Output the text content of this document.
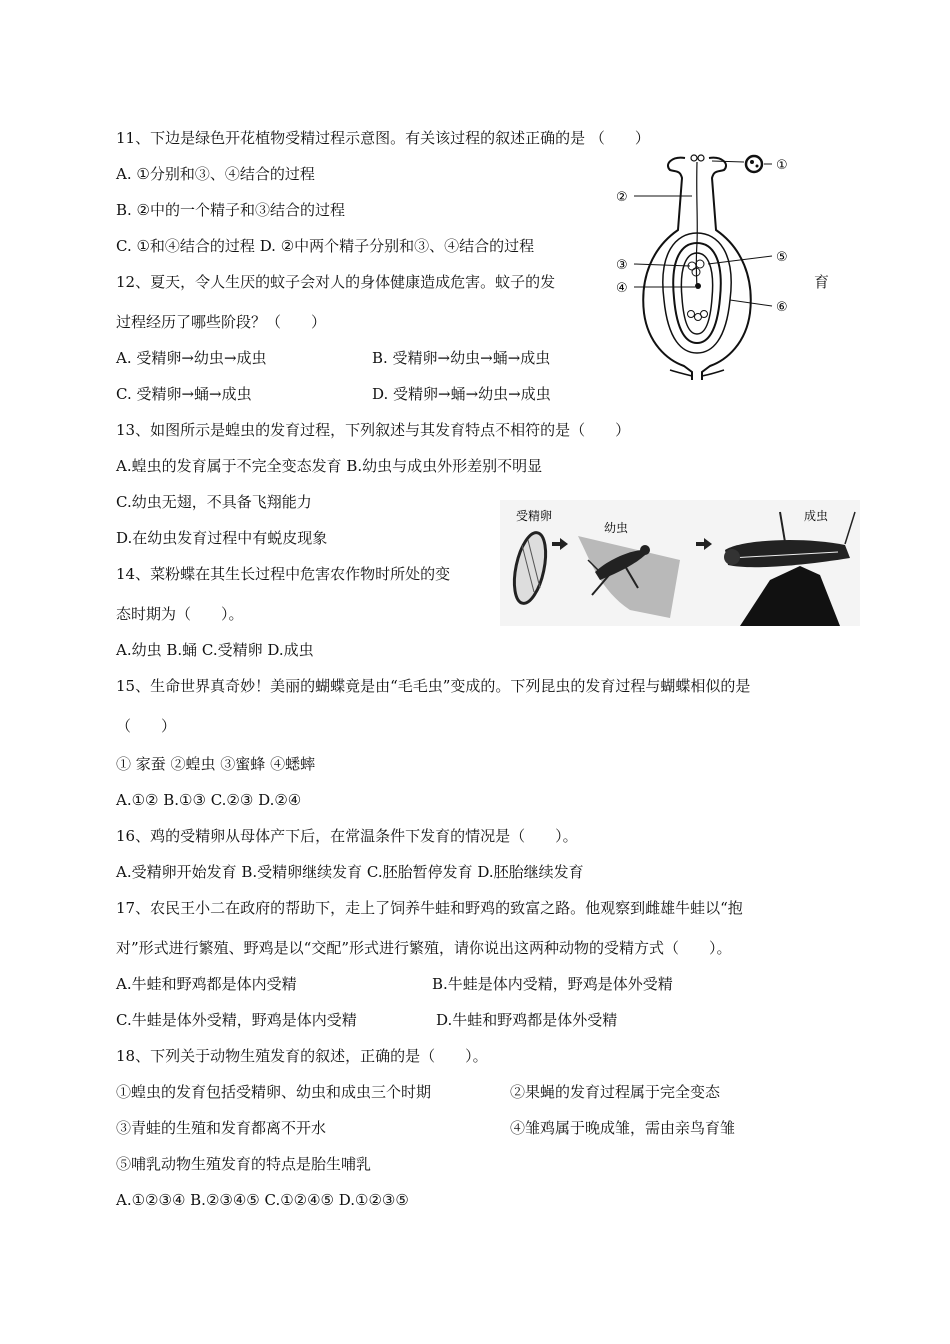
11、下边是绿色开花植物受精过程示意图。有关该过程的叙述正确的是 （　　）
A. ①分别和③、④结合的过程
B. ②中的一个精子和③结合的过程
C. ①和④结合的过程 D. ②中两个精子分别和③、④结合的过程
①
②
③
④
⑤
⑥
12、夏天，令人生厌的蚊子会对人的身体健康造成危害。蚊子的发	育
过程经历了哪些阶段？（　　）
A. 受精卵→幼虫→成虫	B. 受精卵→幼虫→蛹→成虫
C. 受精卵→蛹→成虫	D. 受精卵→蛹→幼虫→成虫
13、如图所示是蝗虫的发育过程，下列叙述与其发育特点不相符的是（　　）
A.蝗虫的发育属于不完全变态发育 B.幼虫与成虫外形差别不明显
C.幼虫无翅，不具备飞翔能力
D.在幼虫发育过程中有蜕皮现象
受精卵
幼虫
成虫
14、菜粉蝶在其生长过程中危害农作物时所处的变
态时期为（　　）。
A.幼虫 B.蛹 C.受精卵 D.成虫
15、生命世界真奇妙！美丽的蝴蝶竟是由“毛毛虫”变成的。下列昆虫的发育过程与蝴蝶相似的是
（　　）
① 家蚕 ②蝗虫 ③蜜蜂 ④蟋蟀
A.①② B.①③ C.②③ D.②④
16、鸡的受精卵从母体产下后，在常温条件下发育的情况是（　　）。
A.受精卵开始发育 B.受精卵继续发育 C.胚胎暂停发育 D.胚胎继续发育
17、农民王小二在政府的帮助下，走上了饲养牛蛙和野鸡的致富之路。他观察到雌雄牛蛙以“抱
对”形式进行繁殖、野鸡是以“交配”形式进行繁殖，请你说出这两种动物的受精方式（　　）。
A.牛蛙和野鸡都是体内受精	B.牛蛙是体内受精，野鸡是体外受精
C.牛蛙是体外受精，野鸡是体内受精	D.牛蛙和野鸡都是体外受精
18、下列关于动物生殖发育的叙述，正确的是（　　）。
①蝗虫的发育包括受精卵、幼虫和成虫三个时期	②果蝇的发育过程属于完全变态
③青蛙的生殖和发育都离不开水	④雏鸡属于晚成雏，需由亲鸟育雏
⑤哺乳动物生殖发育的特点是胎生哺乳
A.①②③④ B.②③④⑤ C.①②④⑤ D.①②③⑤
